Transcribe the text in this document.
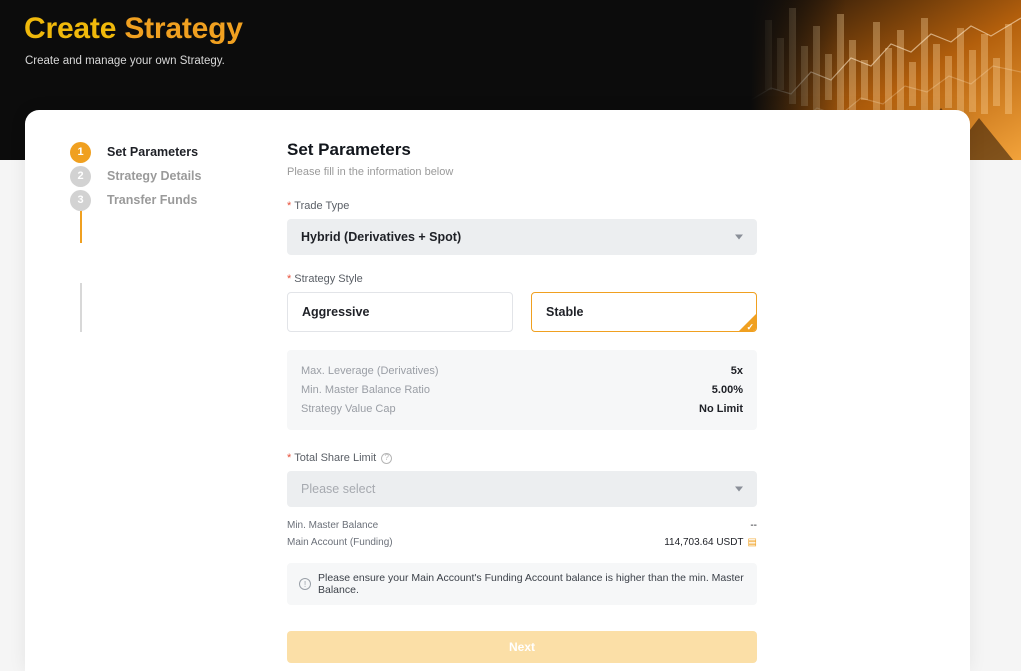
Create Strategy
Create and manage your own Strategy.
1	Set Parameters
2	Strategy Details
3	Transfer Funds
Set Parameters
Please fill in the information below
* Trade Type
Hybrid (Derivatives + Spot)
* Strategy Style
Aggressive	Stable
✓
Max. Leverage (Derivatives)	5x
Min. Master Balance Ratio	5.00%
Strategy Value Cap	No Limit
* Total Share Limit	?
Please select
Min. Master Balance	--
Main Account (Funding)	114,703.64 USDT ▤
!	Please ensure your Main Account's Funding Account balance is higher than the min. Master Balance.
Next
